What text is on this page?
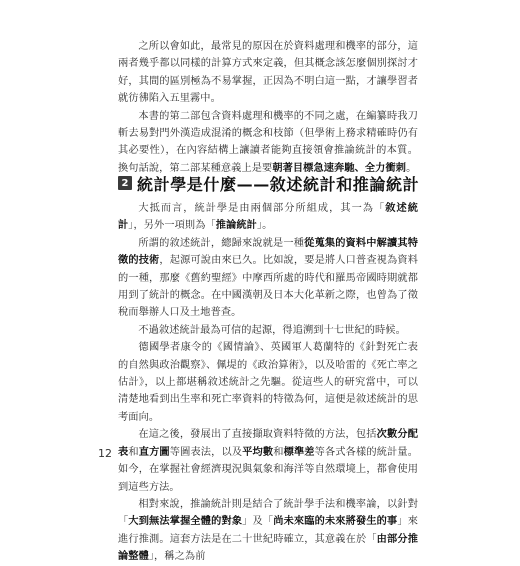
之所以會如此，最常見的原因在於資料處理和機率的部分，這兩者幾乎都以同樣的計算方式來定義，但其概念該怎麼個別探討才好，其間的區別極為不易掌握，正因為不明白這一點，才讓學習者就彷彿陷入五里霧中。

本書的第二部包含資料處理和機率的不同之處，在編纂時我刀斬去易對門外漢造成混淆的概念和枝節（但學術上務求精確時仍有其必要性），在內容結構上讓讀者能夠直接領會推論統計的本質。換句話說，第二部某種意義上是要朝著目標急速奔馳、全力衝刺。

2 統計學是什麼——敘述統計和推論統計

大抵而言，統計學是由兩個部分所組成，其一為「敘述統計」，另外一項則為「推論統計」。

所謂的敘述統計，總歸來說就是一種從蒐集的資料中解讀其特徵的技術，起源可說由來已久。比如說，要是將人口普查視為資料的一種，那麼《舊約聖經》中摩西所處的時代和羅馬帝國時期就都用到了統計的概念。在中國漢朝及日本大化革新之際，也曾為了徵稅而舉辦人口及土地普查。

不過敘述統計最為可信的起源，得追溯到十七世紀的時候。

德國學者康令的《國情論》、英國軍人葛蘭特的《針對死亡表的自然與政治觀察》、佩堤的《政治算術》，以及哈雷的《死亡率之估計》，以上都堪稱敘述統計之先驅。從這些人的研究當中，可以清楚地看到出生率和死亡率資料的特徵為何，這便是敘述統計的思考面向。

在這之後，發展出了直接擷取資料特徵的方法，包括次數分配表和直方圖等圖表法，以及平均數和標準差等各式各樣的統計量。如今，在掌握社會經濟現況與氣象和海洋等自然環境上，都會使用到這些方法。

相對來說，推論統計則是結合了統計學手法和機率論，以針對「大到無法掌握全體的對象」及「尚未來臨的未來將發生的事」來進行推測。這套方法是在二十世紀時確立，其意義在於「由部分推論整體」，稱之為前

12
